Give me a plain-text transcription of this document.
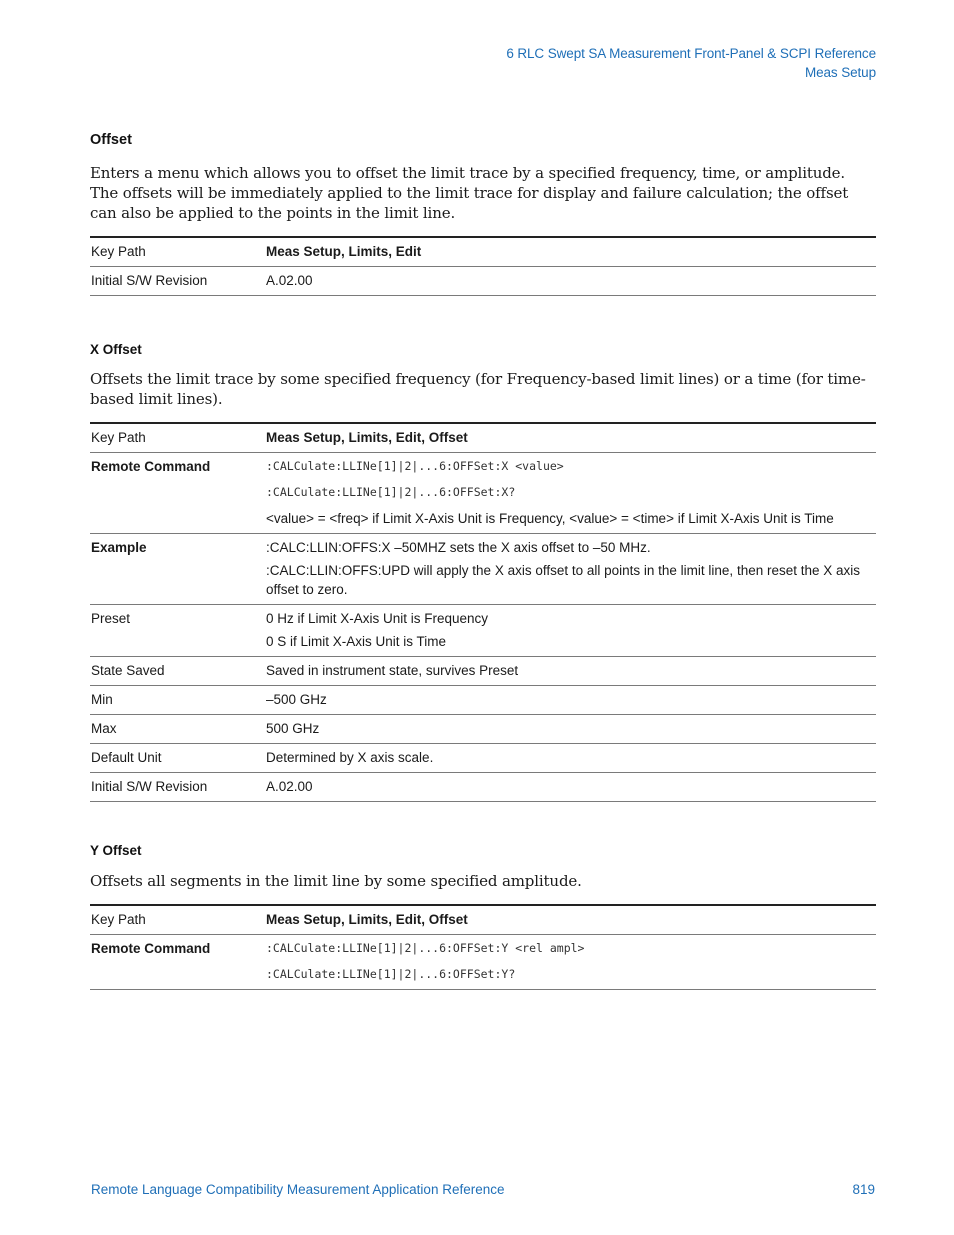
6 RLC Swept SA Measurement Front-Panel & SCPI Reference
Meas Setup
Offset

Enters a menu which allows you to offset the limit trace by a specified frequency, time, or amplitude. The offsets will be immediately applied to the limit trace for display and failure calculation; the offset can also be applied to the points in the limit line.

Key Path	Meas Setup, Limits, Edit
Initial S/W Revision	A.02.00
X Offset

Offsets the limit trace by some specified frequency (for Frequency-based limit lines) or a time (for time-based limit lines).

Key Path	Meas Setup, Limits, Edit, Offset
Remote Command	:CALCulate:LLINe[1]|2|...6:OFFSet:X <value>
:CALCulate:LLINe[1]|2|...6:OFFSet:X?
<value> = <freq> if Limit X-Axis Unit is Frequency, <value> = <time> if Limit X-Axis Unit is Time

Example	:CALC:LLIN:OFFS:X –50MHZ sets the X axis offset to –50 MHz.
:CALC:LLIN:OFFS:UPD will apply the X axis offset to all points in the limit line, then reset the X axis offset to zero.

Preset	0 Hz if Limit X-Axis Unit is Frequency
0 S if Limit X-Axis Unit is Time

State Saved	Saved in instrument state, survives Preset
Min	–500 GHz
Max	500 GHz
Default Unit	Determined by X axis scale.
Initial S/W Revision	A.02.00
Y Offset

Offsets all segments in the limit line by some specified amplitude.

Key Path	Meas Setup, Limits, Edit, Offset
Remote Command	:CALCulate:LLINe[1]|2|...6:OFFSet:Y <rel ampl>
:CALCulate:LLINe[1]|2|...6:OFFSet:Y?
Remote Language Compatibility Measurement Application Reference	819
